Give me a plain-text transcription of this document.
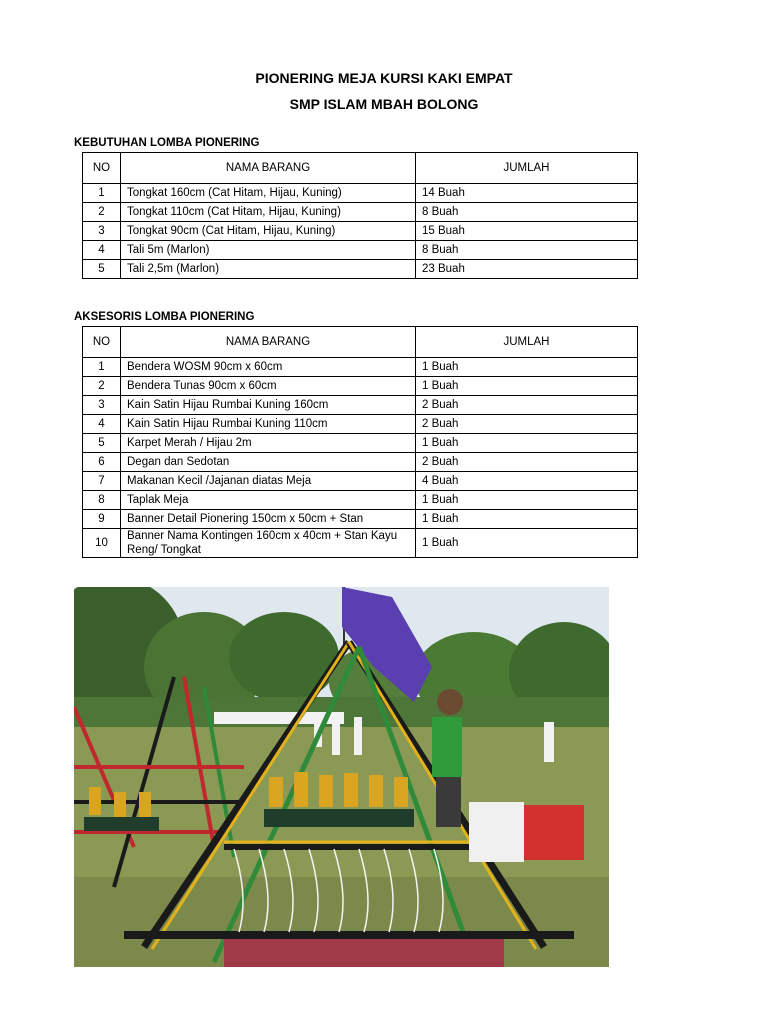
PIONERING MEJA KURSI KAKI EMPAT
SMP ISLAM MBAH BOLONG
KEBUTUHAN LOMBA PIONERING
NO	NAMA BARANG	JUMLAH
1	Tongkat 160cm (Cat Hitam, Hijau, Kuning)	14 Buah
2	Tongkat 110cm (Cat Hitam, Hijau, Kuning)	8 Buah
3	Tongkat 90cm (Cat Hitam, Hijau, Kuning)	15 Buah
4	Tali 5m (Marlon)	8 Buah
5	Tali 2,5m (Marlon)	23 Buah
AKSESORIS LOMBA PIONERING
NO	NAMA BARANG	JUMLAH
1	Bendera WOSM 90cm x 60cm	1 Buah
2	Bendera Tunas 90cm x 60cm	1 Buah
3	Kain Satin Hijau Rumbai Kuning 160cm	2 Buah
4	Kain Satin Hijau Rumbai Kuning 110cm	2 Buah
5	Karpet Merah / Hijau 2m	1 Buah
6	Degan dan Sedotan	2 Buah
7	Makanan Kecil /Jajanan diatas Meja	4 Buah
8	Taplak Meja	1 Buah
9	Banner Detail Pionering 150cm x 50cm + Stan	1 Buah
10	Banner Nama Kontingen 160cm x 40cm + Stan Kayu Reng/ Tongkat	1 Buah
